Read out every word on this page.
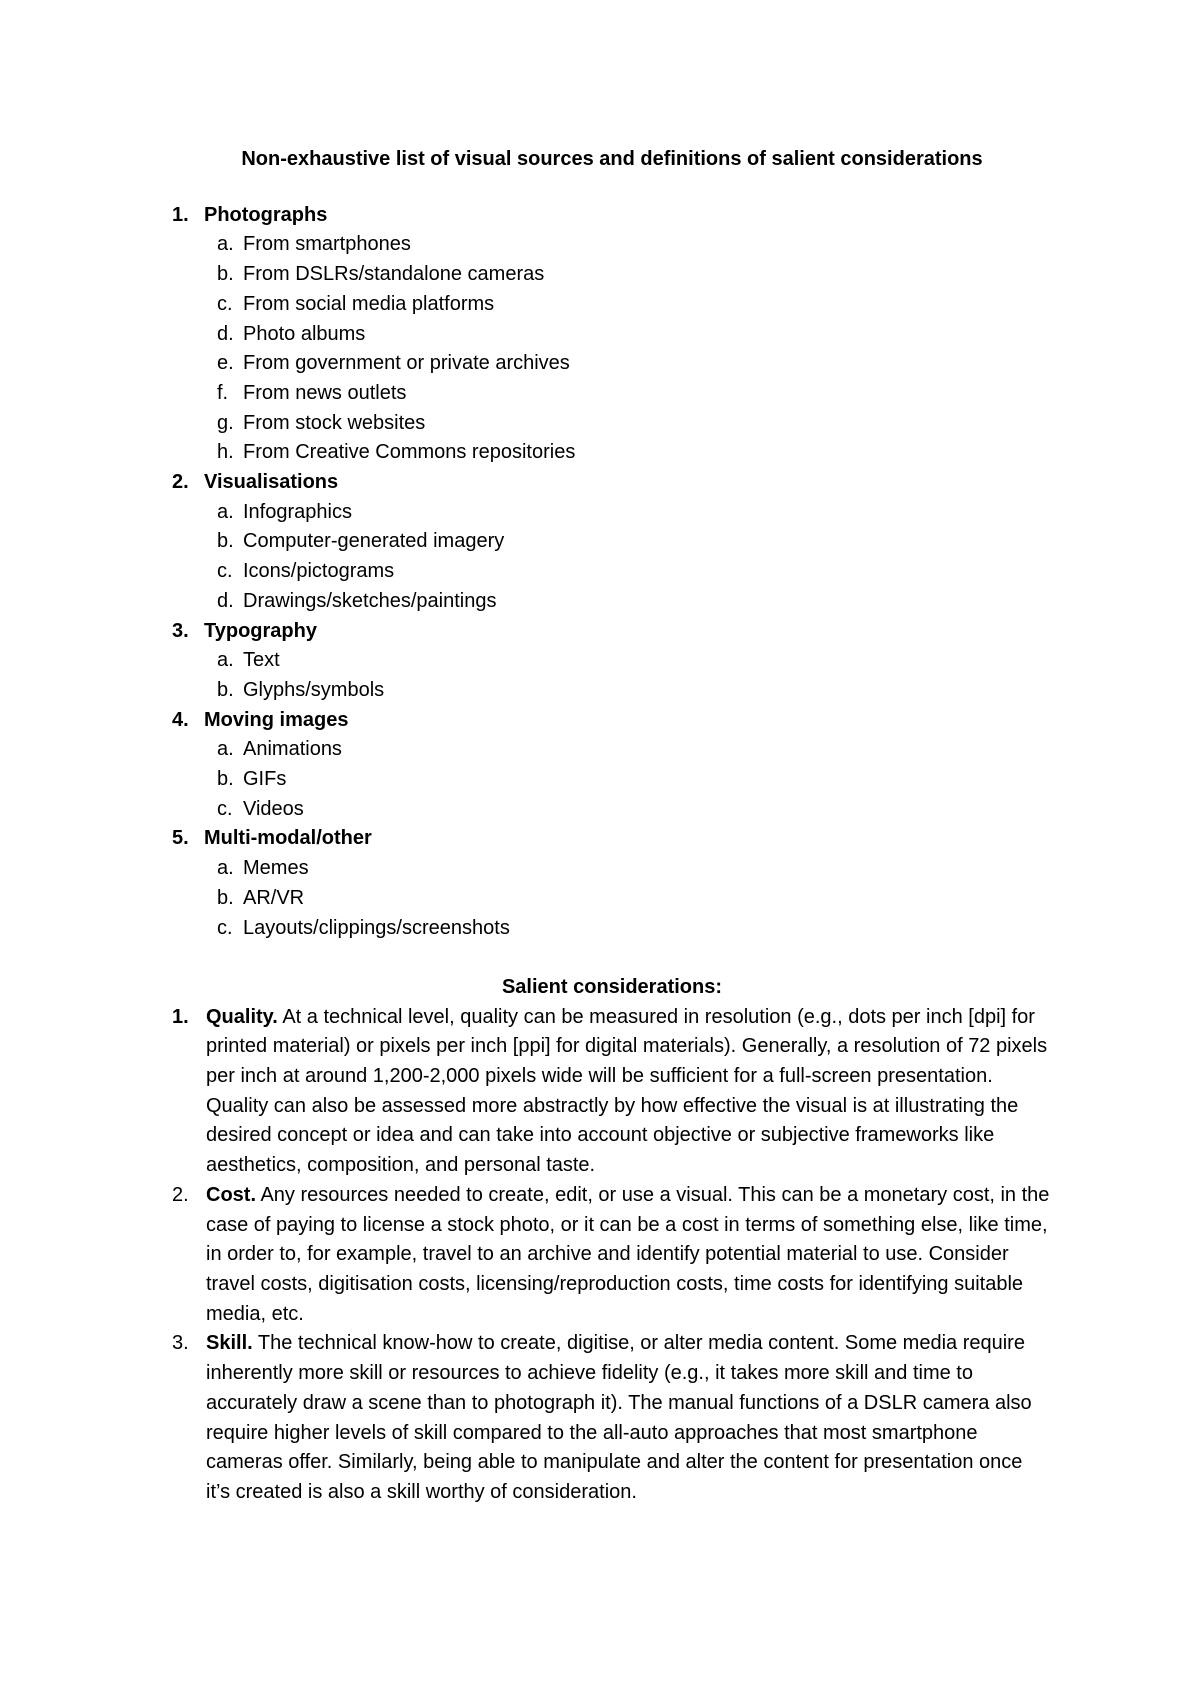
Non-exhaustive list of visual sources and definitions of salient considerations
1. Photographs
a. From smartphones
b. From DSLRs/standalone cameras
c. From social media platforms
d. Photo albums
e. From government or private archives
f. From news outlets
g. From stock websites
h. From Creative Commons repositories
2. Visualisations
a. Infographics
b. Computer-generated imagery
c. Icons/pictograms
d. Drawings/sketches/paintings
3. Typography
a. Text
b. Glyphs/symbols
4. Moving images
a. Animations
b. GIFs
c. Videos
5. Multi-modal/other
a. Memes
b. AR/VR
c. Layouts/clippings/screenshots
Salient considerations:
1. Quality. At a technical level, quality can be measured in resolution (e.g., dots per inch [dpi] for printed material) or pixels per inch [ppi] for digital materials). Generally, a resolution of 72 pixels per inch at around 1,200-2,000 pixels wide will be sufficient for a full-screen presentation. Quality can also be assessed more abstractly by how effective the visual is at illustrating the desired concept or idea and can take into account objective or subjective frameworks like aesthetics, composition, and personal taste.
2. Cost. Any resources needed to create, edit, or use a visual. This can be a monetary cost, in the case of paying to license a stock photo, or it can be a cost in terms of something else, like time, in order to, for example, travel to an archive and identify potential material to use. Consider travel costs, digitisation costs, licensing/reproduction costs, time costs for identifying suitable media, etc.
3. Skill. The technical know-how to create, digitise, or alter media content. Some media require inherently more skill or resources to achieve fidelity (e.g., it takes more skill and time to accurately draw a scene than to photograph it). The manual functions of a DSLR camera also require higher levels of skill compared to the all-auto approaches that most smartphone cameras offer. Similarly, being able to manipulate and alter the content for presentation once it’s created is also a skill worthy of consideration.
